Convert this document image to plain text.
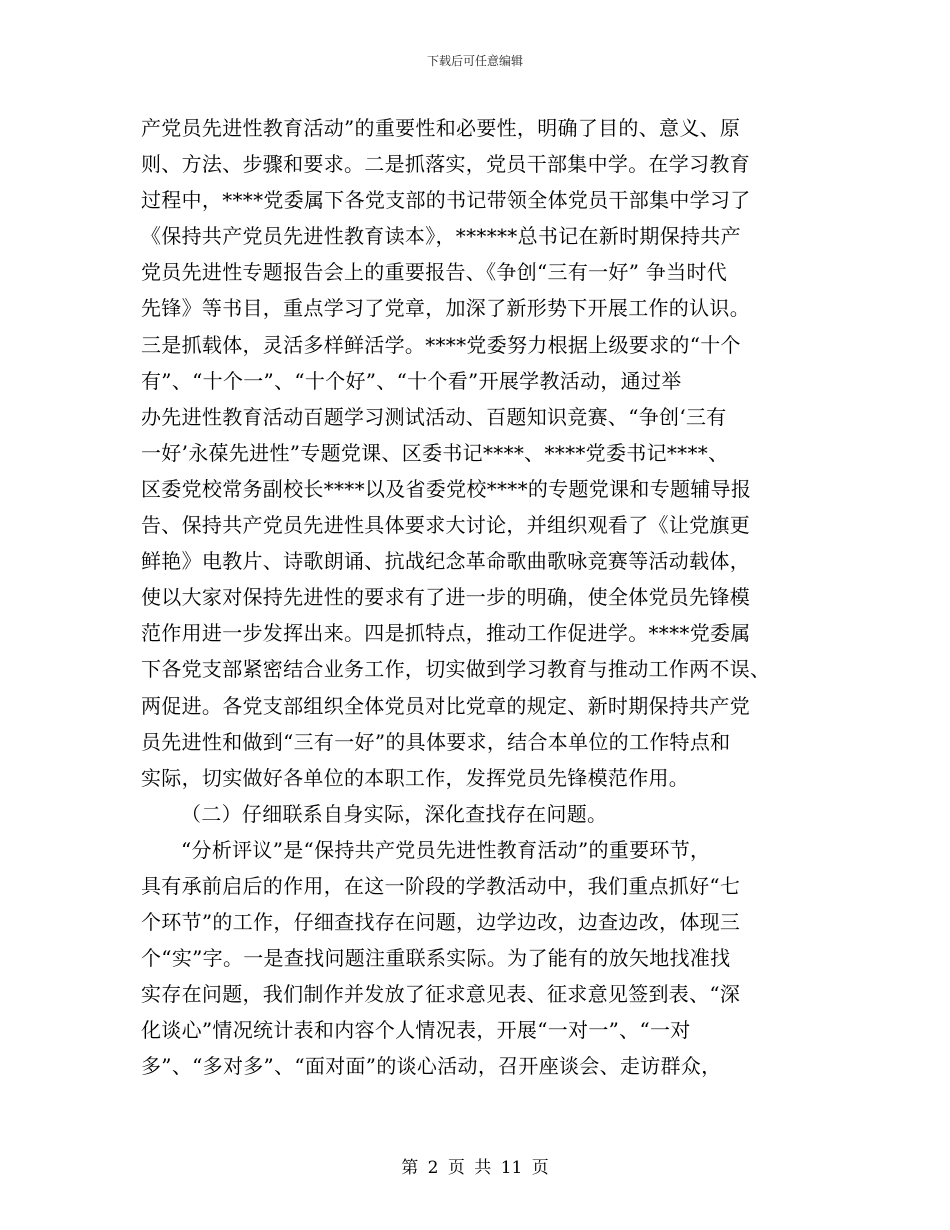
下载后可任意编辑
产党员先进性教育活动”的重要性和必要性，明确了目的、意义、原
则、方法、步骤和要求。二是抓落实，党员干部集中学。在学习教育
过程中，****党委属下各党支部的书记带领全体党员干部集中学习了
《保持共产党员先进性教育读本》，******总书记在新时期保持共产
党员先进性专题报告会上的重要报告、《争创“三有一好” 争当时代
先锋》等书目，重点学习了党章，加深了新形势下开展工作的认识。
三是抓载体，灵活多样鲜活学。****党委努力根据上级要求的“十个
有”、“十个一”、“十个好”、“十个看”开展学教活动，通过举
办先进性教育活动百题学习测试活动、百题知识竞赛、“争创‘三有
一好’永葆先进性”专题党课、区委书记****、****党委书记****、
区委党校常务副校长****以及省委党校****的专题党课和专题辅导报
告、保持共产党员先进性具体要求大讨论，并组织观看了《让党旗更
鲜艳》电教片、诗歌朗诵、抗战纪念革命歌曲歌咏竞赛等活动载体，
使以大家对保持先进性的要求有了进一步的明确，使全体党员先锋模
范作用进一步发挥出来。四是抓特点，推动工作促进学。****党委属
下各党支部紧密结合业务工作，切实做到学习教育与推动工作两不误、
两促进。各党支部组织全体党员对比党章的规定、新时期保持共产党
员先进性和做到“三有一好”的具体要求，结合本单位的工作特点和
实际，切实做好各单位的本职工作，发挥党员先锋模范作用。
（二）仔细联系自身实际，深化查找存在问题。
“分析评议”是“保持共产党员先进性教育活动”的重要环节，
具有承前启后的作用，在这一阶段的学教活动中，我们重点抓好“七
个环节”的工作，仔细查找存在问题，边学边改，边查边改，体现三
个“实”字。一是查找问题注重联系实际。为了能有的放矢地找准找
实存在问题，我们制作并发放了征求意见表、征求意见签到表、“深
化谈心”情况统计表和内容个人情况表，开展“一对一”、“一对
多”、“多对多”、“面对面”的谈心活动，召开座谈会、走访群众，
第 2 页 共 11 页
